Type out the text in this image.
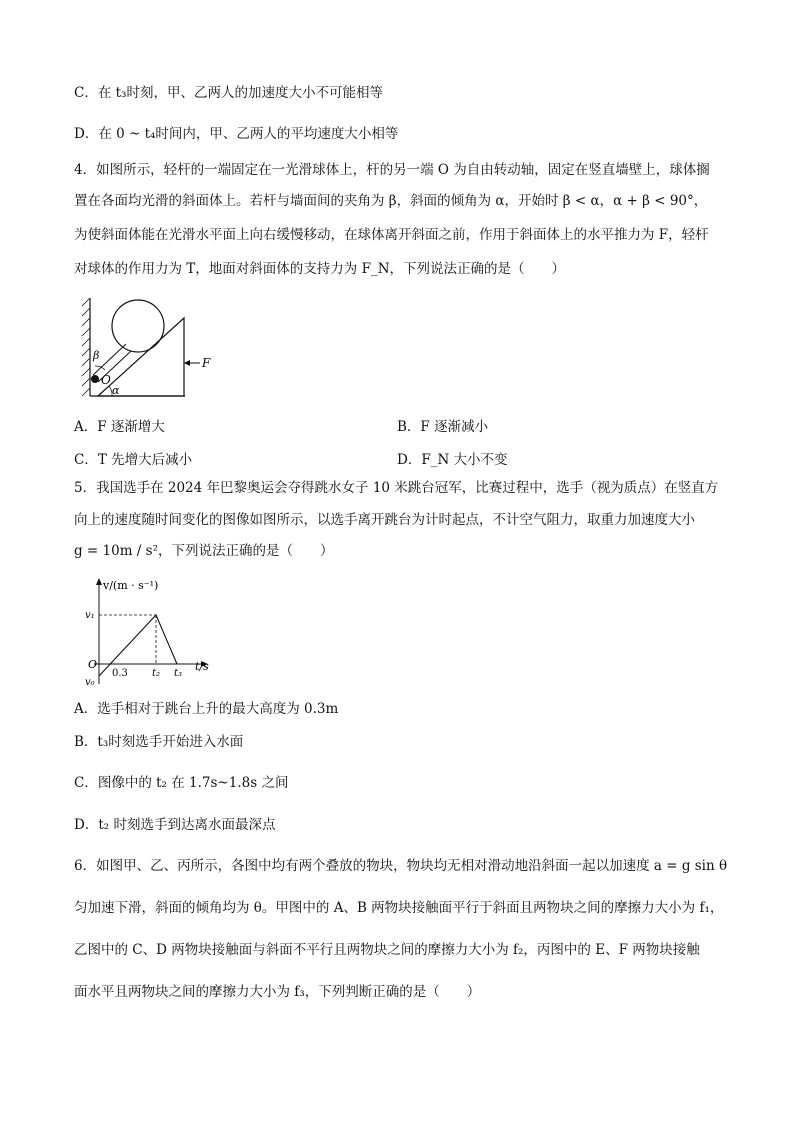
C．在 t₃时刻，甲、乙两人的加速度大小不可能相等
D．在 0 ~ t₄时间内，甲、乙两人的平均速度大小相等
4．如图所示，轻杆的一端固定在一光滑球体上，杆的另一端 O 为自由转动轴，固定在竖直墙壁上，球体搁
置在各面均光滑的斜面体上。若杆与墙面间的夹角为 β，斜面的倾角为 α，开始时 β < α，α + β < 90°，
为使斜面体能在光滑水平面上向右缓慢移动，在球体离开斜面之前，作用于斜面体上的水平推力为 F，轻杆
对球体的作用力为 T，地面对斜面体的支持力为 F_N，下列说法正确的是（　　）
β
O
α
F
A．F 逐渐增大	B．F 逐渐减小
C．T 先增大后减小	D．F_N 大小不变
5．我国选手在 2024 年巴黎奥运会夺得跳水女子 10 米跳台冠军，比赛过程中，选手（视为质点）在竖直方
向上的速度随时间变化的图像如图所示，以选手离开跳台为计时起点，不计空气阻力，取重力加速度大小
g = 10m / s²，下列说法正确的是（　　）
v/(m · s⁻¹)
t/s
O
v₁
v₀
0.3 t₂ t₃
A．选手相对于跳台上升的最大高度为 0.3m
B．t₃时刻选手开始进入水面
C．图像中的 t₂ 在 1.7s~1.8s 之间
D．t₂ 时刻选手到达离水面最深点
6．如图甲、乙、丙所示，各图中均有两个叠放的物块，物块均无相对滑动地沿斜面一起以加速度 a = g sin θ
匀加速下滑，斜面的倾角均为 θ。甲图中的 A、B 两物块接触面平行于斜面且两物块之间的摩擦力大小为 f₁，
乙图中的 C、D 两物块接触面与斜面不平行且两物块之间的摩擦力大小为 f₂，丙图中的 E、F 两物块接触
面水平且两物块之间的摩擦力大小为 f₃，下列判断正确的是（　　）
